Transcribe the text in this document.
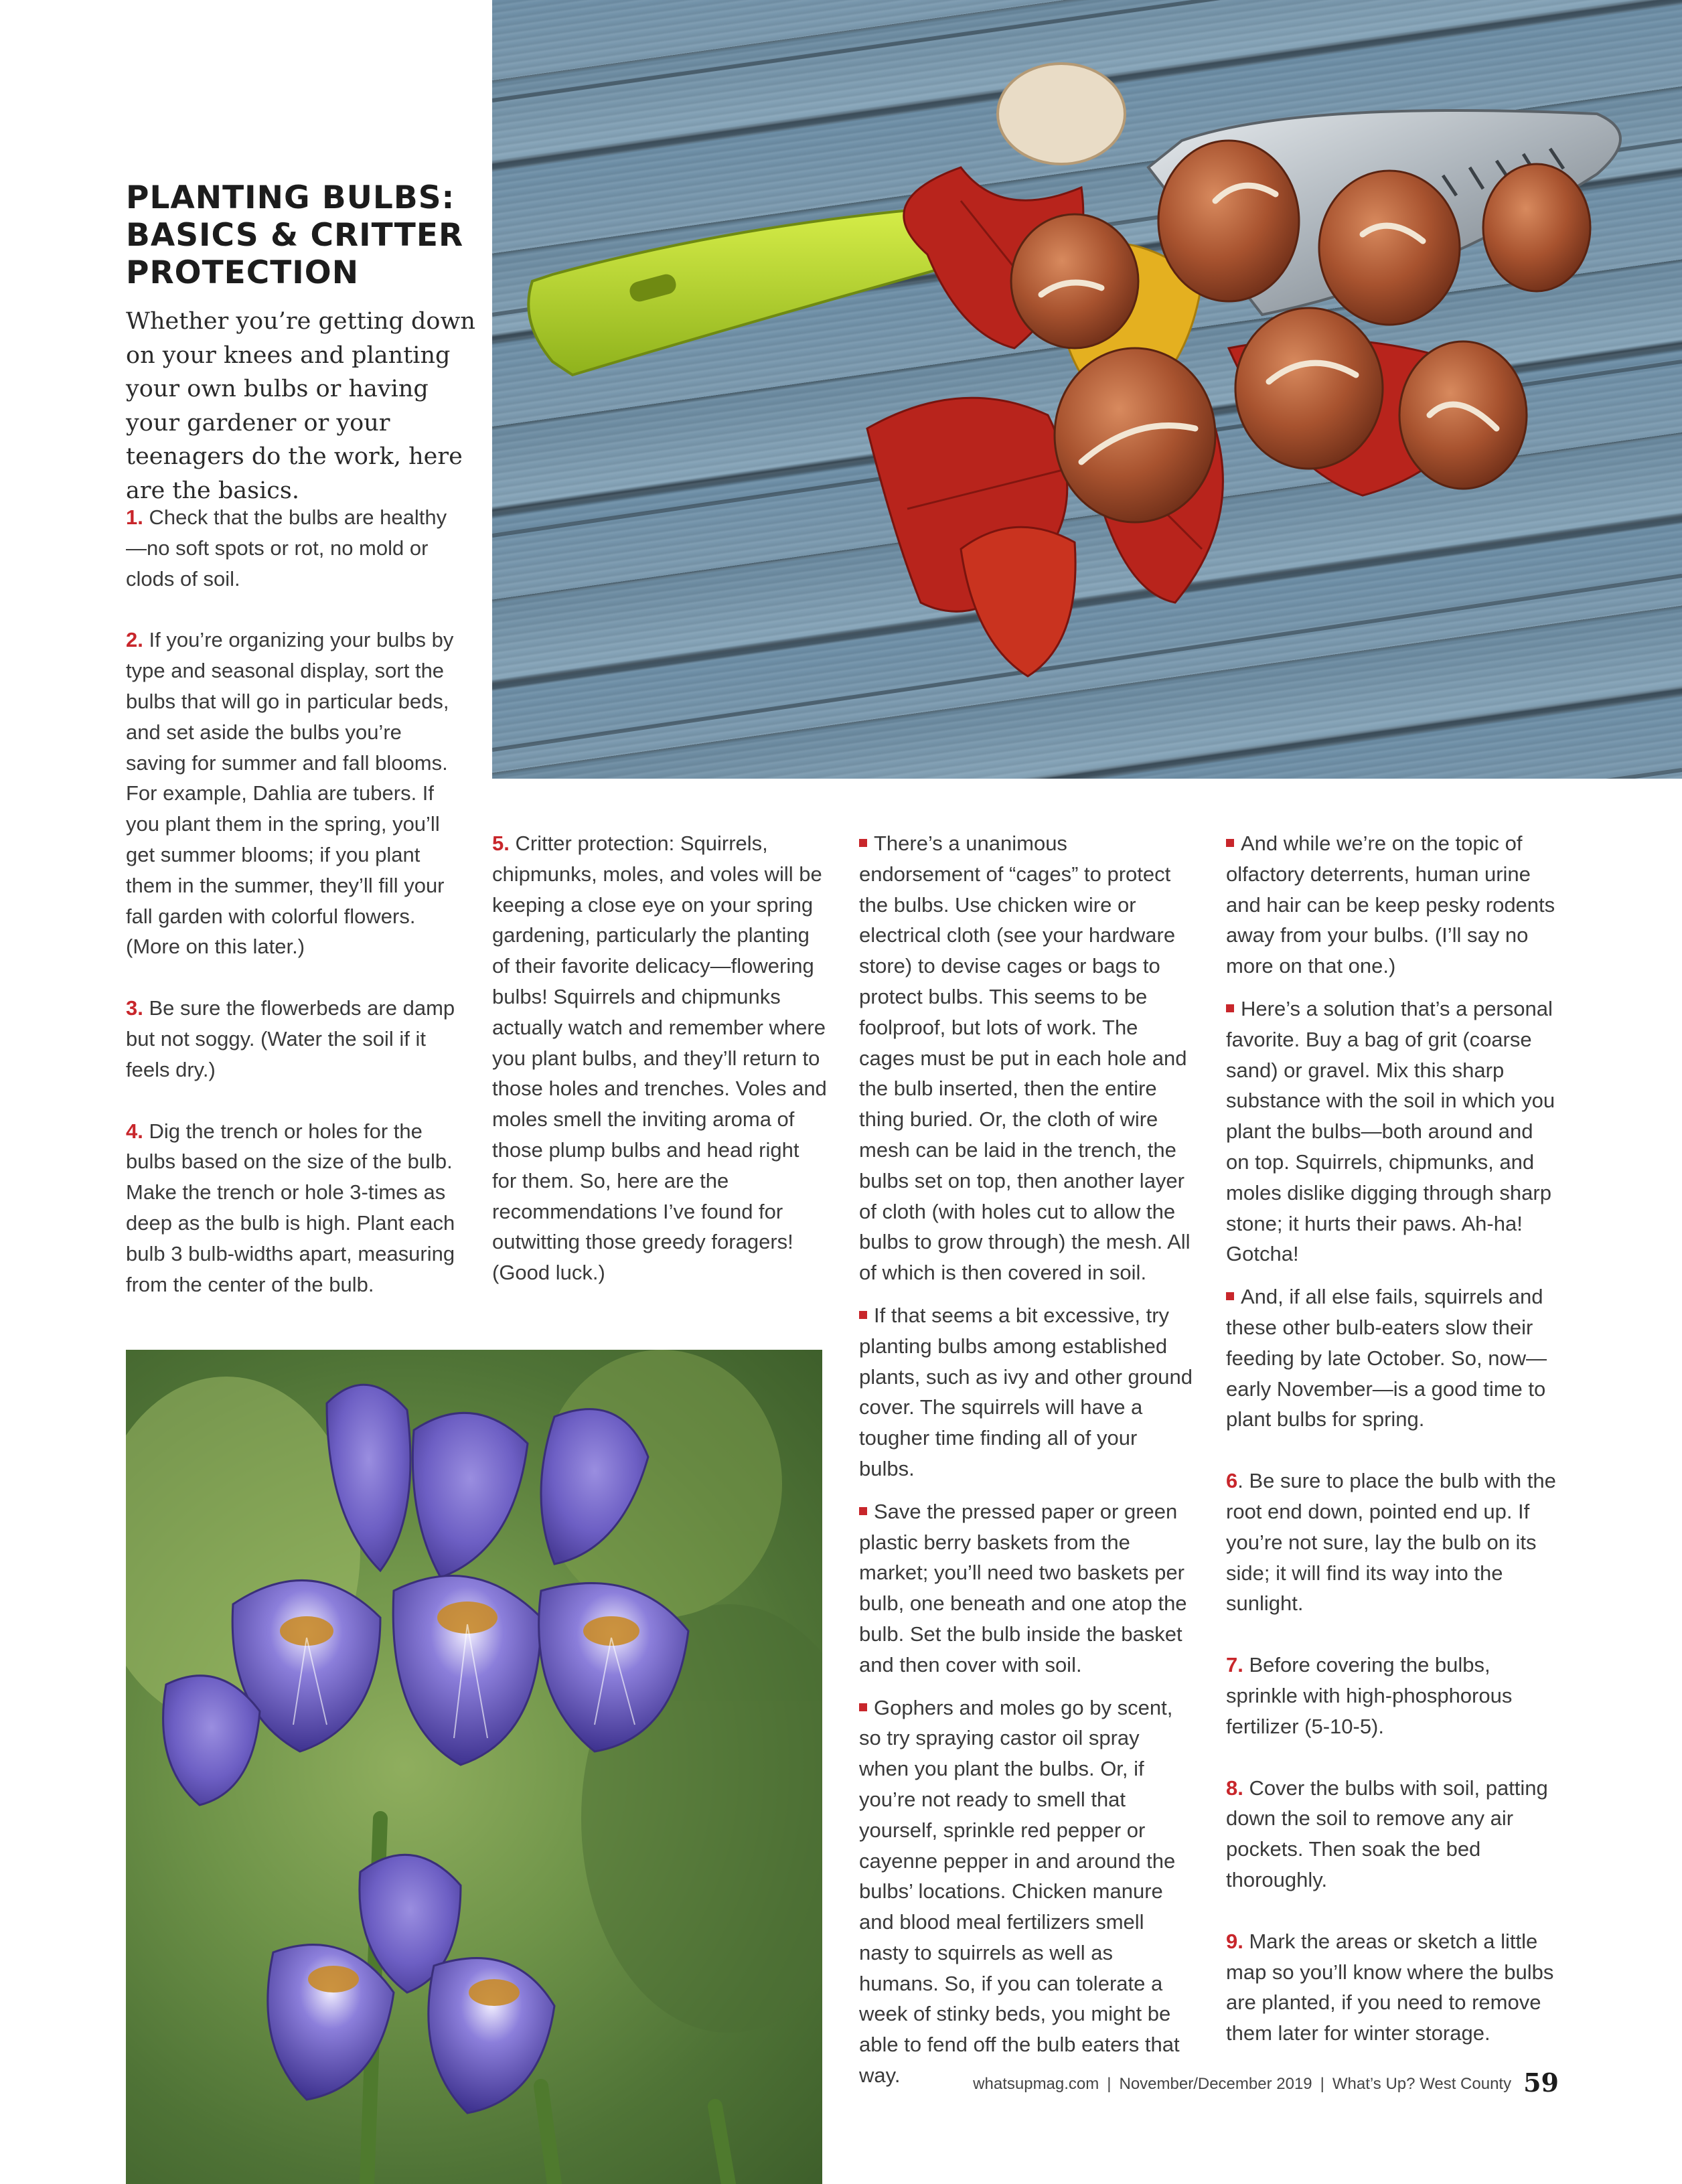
PLANTING BULBS: BASICS & CRITTER PROTECTION

Whether you’re getting down on your knees and planting your own bulbs or having your gardener or your teenagers do the work, here are the basics.

1. Check that the bulbs are healthy—no soft spots or rot, no mold or clods of soil.

2. If you’re organizing your bulbs by type and seasonal display, sort the bulbs that will go in particular beds, and set aside the bulbs you’re saving for summer and fall blooms. For example, Dahlia are tubers. If you plant them in the spring, you’ll get summer blooms; if you plant them in the summer, they’ll fill your fall garden with colorful flowers. (More on this later.)

3. Be sure the flowerbeds are damp but not soggy. (Water the soil if it feels dry.)

4. Dig the trench or holes for the bulbs based on the size of the bulb. Make the trench or hole 3-times as deep as the bulb is high. Plant each bulb 3 bulb-widths apart, measuring from the center of the bulb.

5. Critter protection: Squirrels, chipmunks, moles, and voles will be keeping a close eye on your spring gardening, particularly the planting of their favorite delicacy—flowering bulbs! Squirrels and chipmunks actually watch and remember where you plant bulbs, and they’ll return to those holes and trenches. Voles and moles smell the inviting aroma of those plump bulbs and head right for them. So, here are the recommendations I’ve found for outwitting those greedy foragers! (Good luck.)

There’s a unanimous endorsement of “cages” to protect the bulbs. Use chicken wire or electrical cloth (see your hardware store) to devise cages or bags to protect bulbs. This seems to be foolproof, but lots of work. The cages must be put in each hole and the bulb inserted, then the entire thing buried. Or, the cloth of wire mesh can be laid in the trench, the bulbs set on top, then another layer of cloth (with holes cut to allow the bulbs to grow through) the mesh. All of which is then covered in soil.

If that seems a bit excessive, try planting bulbs among established plants, such as ivy and other ground cover. The squirrels will have a tougher time finding all of your bulbs.

Save the pressed paper or green plastic berry baskets from the market; you’ll need two baskets per bulb, one beneath and one atop the bulb. Set the bulb inside the basket and then cover with soil.

Gophers and moles go by scent, so try spraying castor oil spray when you plant the bulbs. Or, if you’re not ready to smell that yourself, sprinkle red pepper or cayenne pepper in and around the bulbs’ locations. Chicken manure and blood meal fertilizers smell nasty to squirrels as well as humans. So, if you can tolerate a week of stinky beds, you might be able to fend off the bulb eaters that way.

And while we’re on the topic of olfactory deterrents, human urine and hair can be keep pesky rodents away from your bulbs. (I’ll say no more on that one.)

Here’s a solution that’s a personal favorite. Buy a bag of grit (coarse sand) or gravel. Mix this sharp substance with the soil in which you plant the bulbs—both around and on top. Squirrels, chipmunks, and moles dislike digging through sharp stone; it hurts their paws. Ah-ha! Gotcha!

And, if all else fails, squirrels and these other bulb-eaters slow their feeding by late October. So, now—early November—is a good time to plant bulbs for spring.

6. Be sure to place the bulb with the root end down, pointed end up. If you’re not sure, lay the bulb on its side; it will find its way into the sunlight.

7. Before covering the bulbs, sprinkle with high-phosphorous fertilizer (5-10-5).

8. Cover the bulbs with soil, patting down the soil to remove any air pockets. Then soak the bed thoroughly.

9. Mark the areas or sketch a little map so you’ll know where the bulbs are planted, if you need to remove them later for winter storage.

whatsupmag.com | November/December 2019 | What’s Up? West County 59
